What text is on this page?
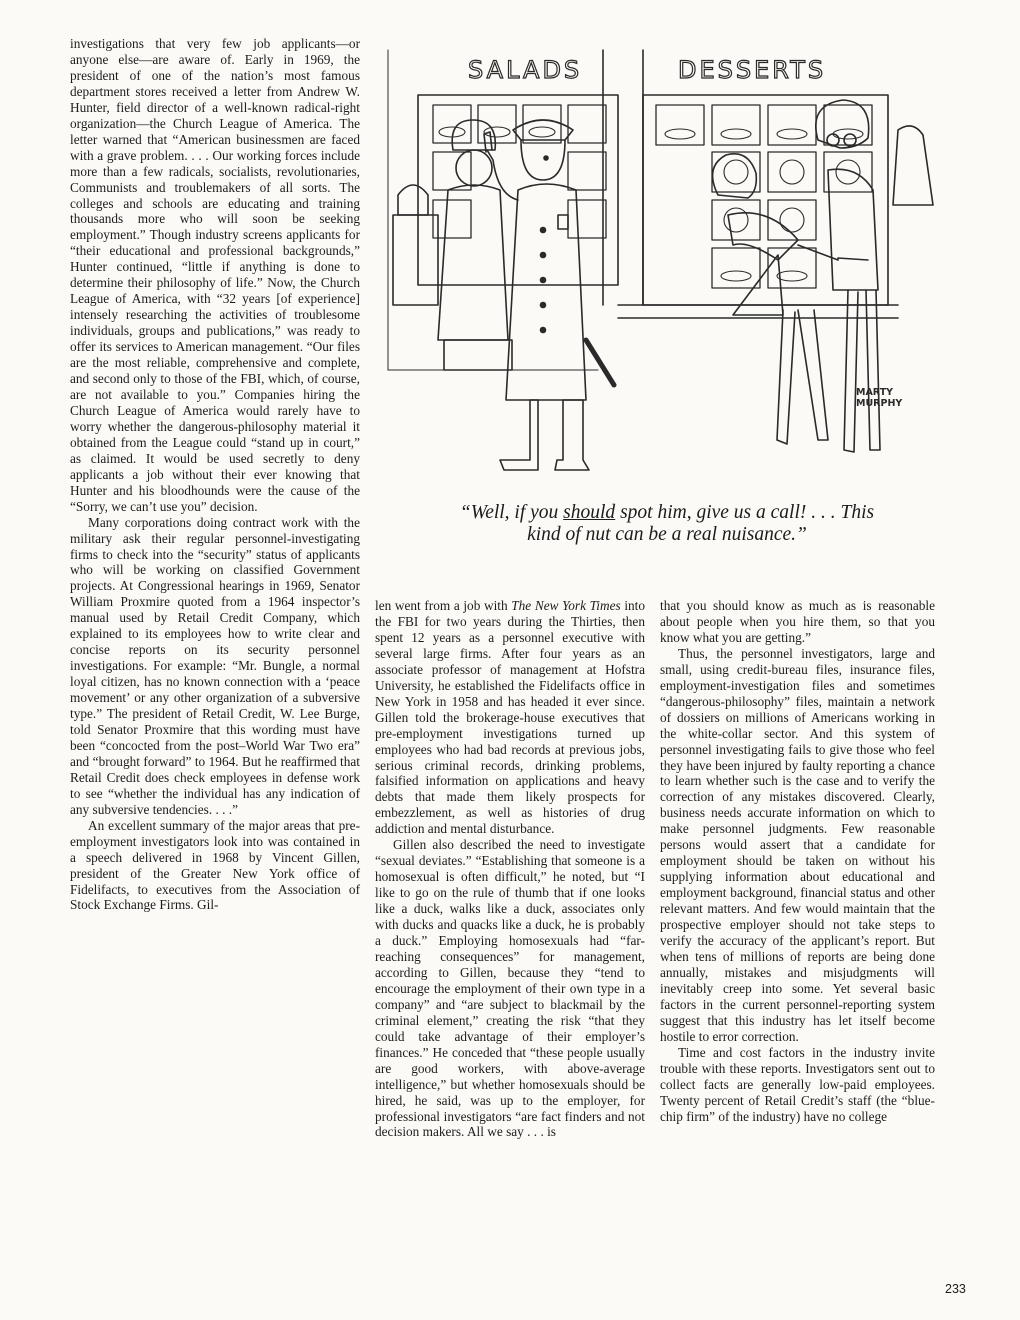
investigations that very few job applicants—or anyone else—are aware of. Early in 1969, the president of one of the nation’s most famous department stores received a letter from Andrew W. Hunter, field director of a well-known radical-right organization—the Church League of America. The letter warned that “American businessmen are faced with a grave problem. . . . Our working forces include more than a few radicals, socialists, revolutionaries, Communists and troublemakers of all sorts. The colleges and schools are educating and training thousands more who will soon be seeking employment.” Though industry screens applicants for “their educational and professional backgrounds,” Hunter continued, “little if anything is done to determine their philosophy of life.” Now, the Church League of America, with “32 years [of experience] intensely researching the activities of troublesome individuals, groups and publications,” was ready to offer its services to American management. “Our files are the most reliable, comprehensive and complete, and second only to those of the FBI, which, of course, are not available to you.” Companies hiring the Church League of America would rarely have to worry whether the dangerous-philosophy material it obtained from the League could “stand up in court,” as claimed. It would be used secretly to deny applicants a job without their ever knowing that Hunter and his bloodhounds were the cause of the “Sorry, we can’t use you” decision.

Many corporations doing contract work with the military ask their regular personnel-investigating firms to check into the “security” status of applicants who will be working on classified Government projects. At Congressional hearings in 1969, Senator William Proxmire quoted from a 1964 inspector’s manual used by Retail Credit Company, which explained to its employees how to write clear and concise reports on its security personnel investigations. For example: “Mr. Bungle, a normal loyal citizen, has no known connection with a ‘peace movement’ or any other organization of a subversive type.” The president of Retail Credit, W. Lee Burge, told Senator Proxmire that this wording must have been “concocted from the post–World War Two era” and “brought forward” to 1964. But he reaffirmed that Retail Credit does check employees in defense work to see “whether the individual has any indication of any subversive tendencies. . . .”

An excellent summary of the major areas that pre-employment investigators look into was contained in a speech delivered in 1968 by Vincent Gillen, president of the Greater New York office of Fidelifacts, to executives from the Association of Stock Exchange Firms. Gil-

SALADS	DESSERTS
MARTY
MURPHY
“Well, if you should spot him, give us a call! . . . This
kind of nut can be a real nuisance.”

len went from a job with The New York Times into the FBI for two years during the Thirties, then spent 12 years as a personnel executive with several large firms. After four years as an associate professor of management at Hofstra University, he established the Fidelifacts office in New York in 1958 and has headed it ever since. Gillen told the brokerage-house executives that pre-employment investigations turned up employees who had bad records at previous jobs, serious criminal records, drinking problems, falsified information on applications and heavy debts that made them likely prospects for embezzlement, as well as histories of drug addiction and mental disturbance.

Gillen also described the need to investigate “sexual deviates.” “Establishing that someone is a homosexual is often difficult,” he noted, but “I like to go on the rule of thumb that if one looks like a duck, walks like a duck, associates only with ducks and quacks like a duck, he is probably a duck.” Employing homosexuals had “far-reaching consequences” for management, according to Gillen, because they “tend to encourage the employment of their own type in a company” and “are subject to blackmail by the criminal element,” creating the risk “that they could take advantage of their employer’s finances.” He conceded that “these people usually are good workers, with above-average intelligence,” but whether homosexuals should be hired, he said, was up to the employer, for professional investigators “are fact finders and not decision makers. All we say . . . is

that you should know as much as is reasonable about people when you hire them, so that you know what you are getting.”

Thus, the personnel investigators, large and small, using credit-bureau files, insurance files, employment-investigation files and sometimes “dangerous-philosophy” files, maintain a network of dossiers on millions of Americans working in the white-collar sector. And this system of personnel investigating fails to give those who feel they have been injured by faulty reporting a chance to learn whether such is the case and to verify the correction of any mistakes discovered. Clearly, business needs accurate information on which to make personnel judgments. Few reasonable persons would assert that a candidate for employment should be taken on without his supplying information about educational and employment background, financial status and other relevant matters. And few would maintain that the prospective employer should not take steps to verify the accuracy of the applicant’s report. But when tens of millions of reports are being done annually, mistakes and misjudgments will inevitably creep into some. Yet several basic factors in the current personnel-reporting system suggest that this industry has let itself become hostile to error correction.

Time and cost factors in the industry invite trouble with these reports. Investigators sent out to collect facts are generally low-paid employees. Twenty percent of Retail Credit’s staff (the “blue-chip firm” of the industry) have no college

233
